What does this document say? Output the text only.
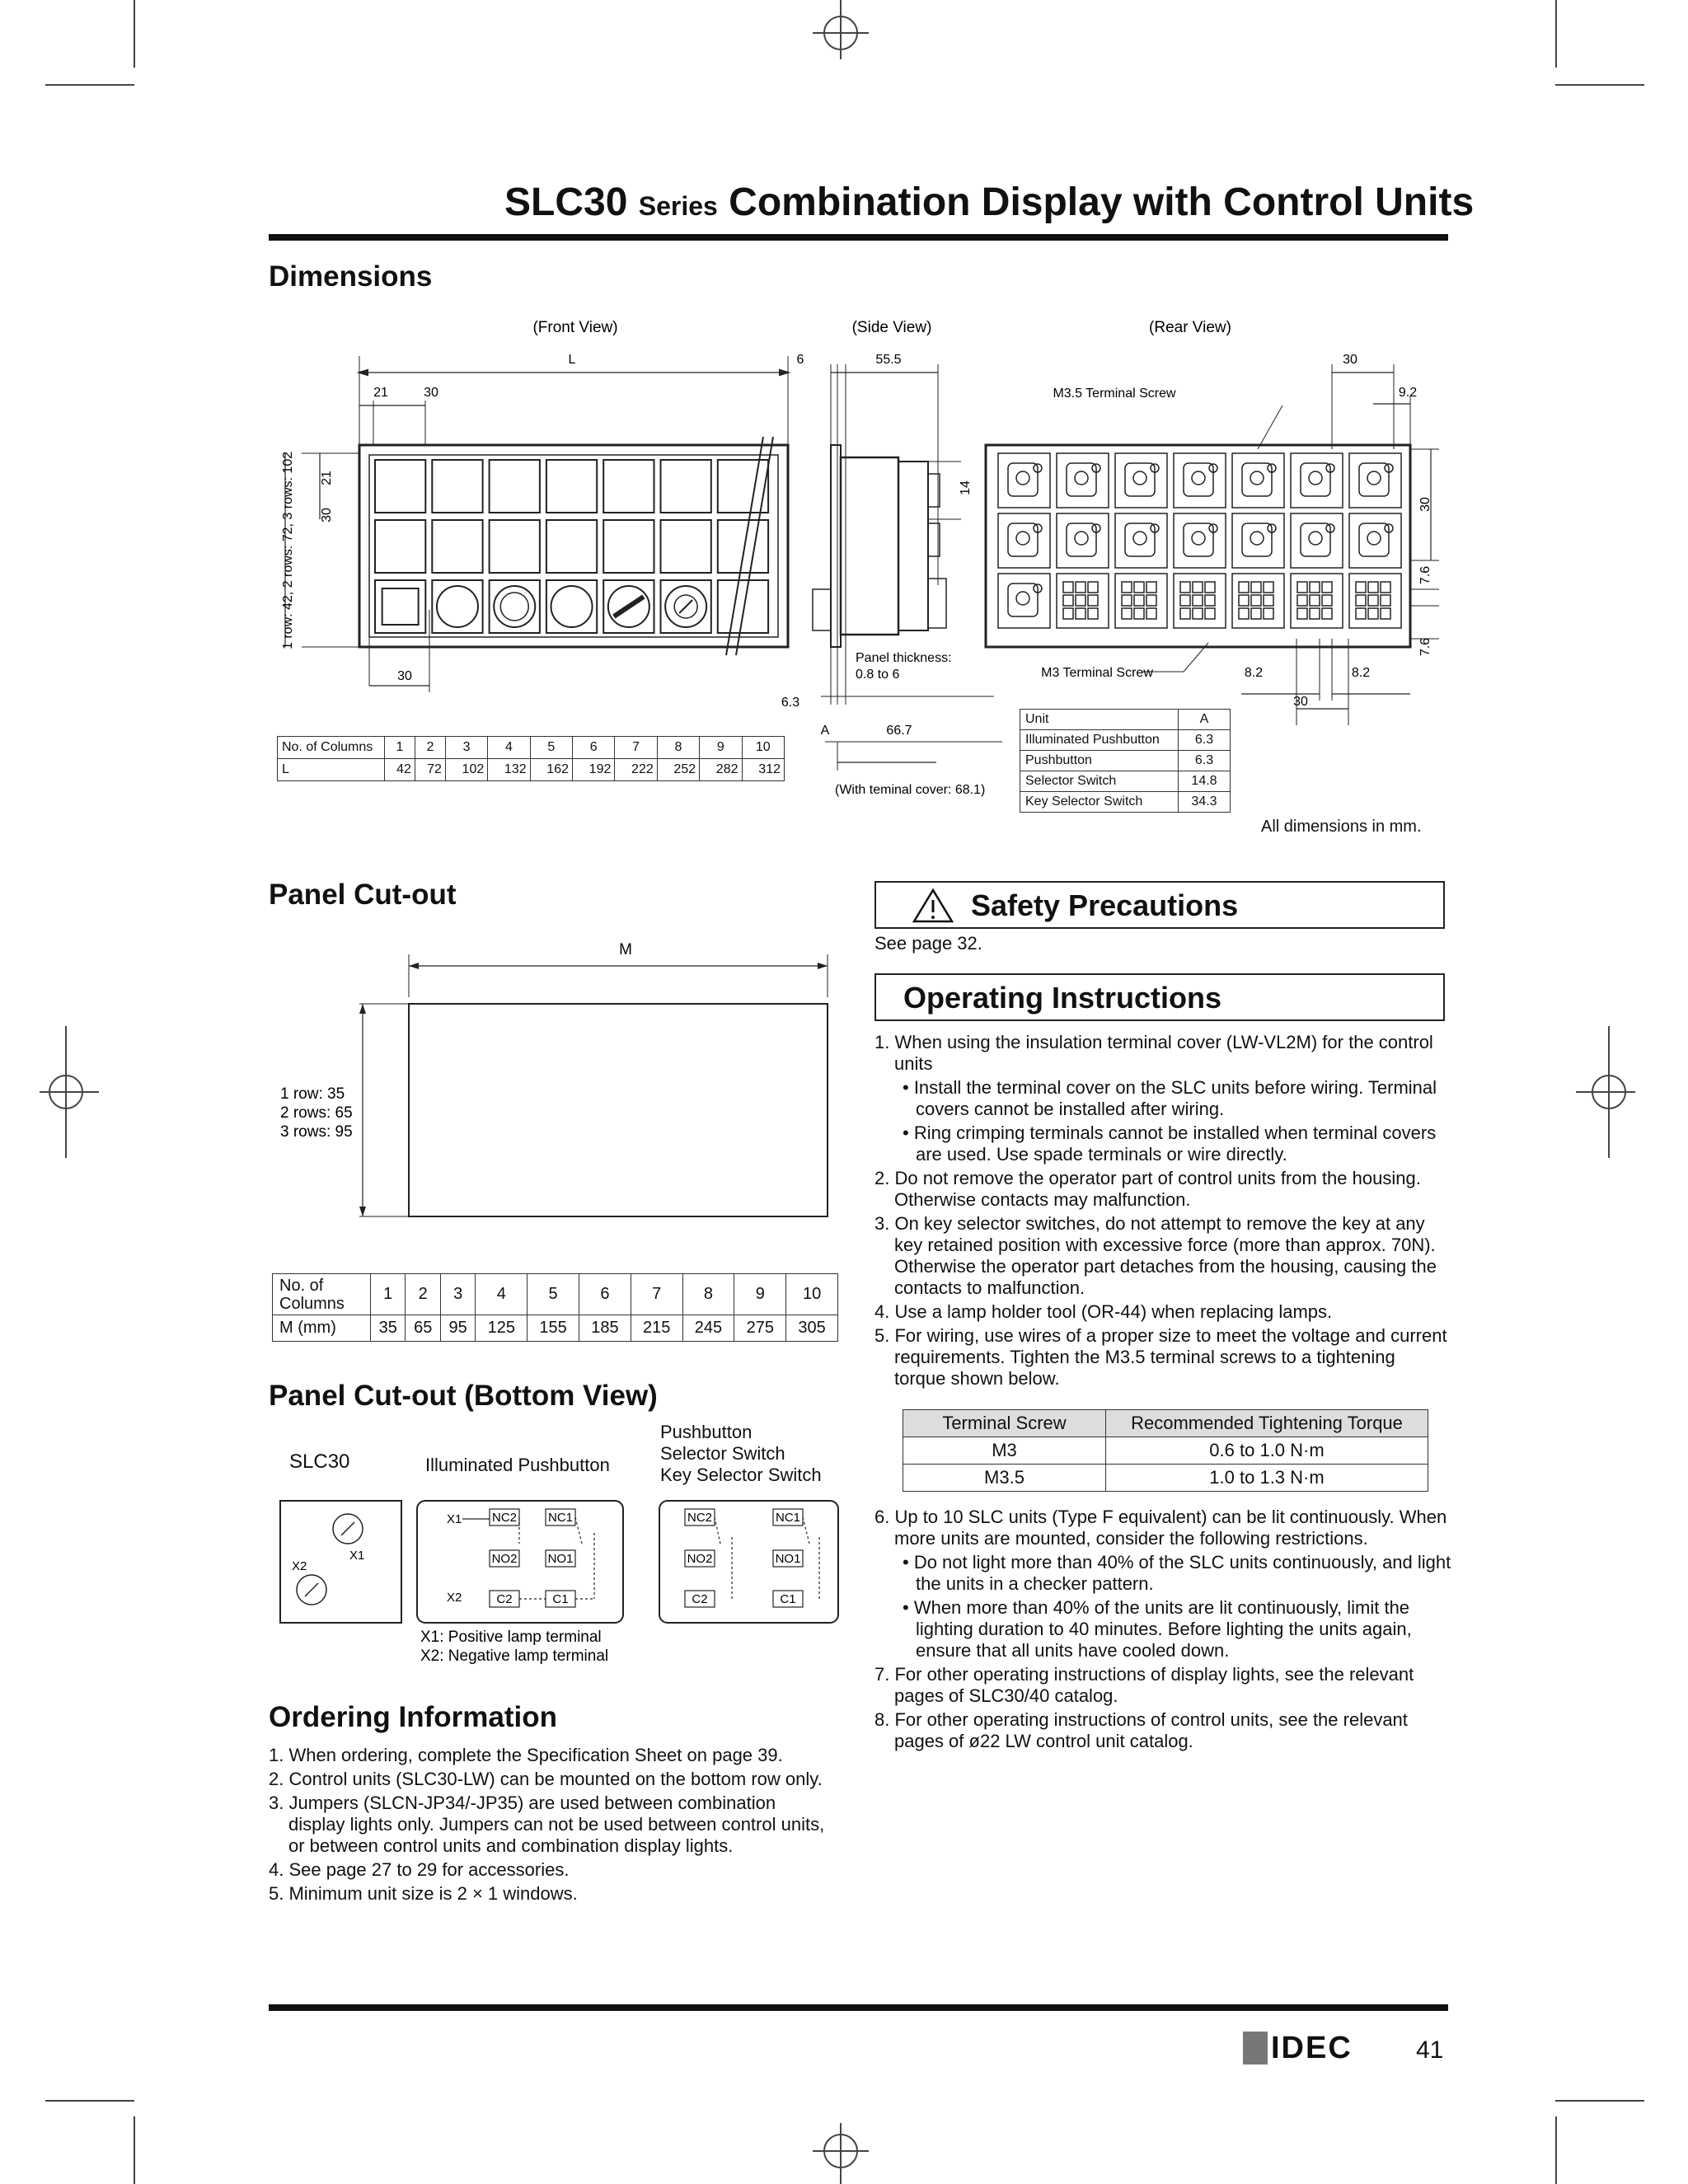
SLC30 Series Combination Display with Control Units
Dimensions
(Front View)	(Side View)	(Rear View)
L
21	30
30
1 row: 42, 2 rows: 72, 3 rows: 102 21
30
6	55.5
14
6.3
A	66.7
Panel thickness:
0.8 to 6
(With teminal cover: 68.1)
30
9.2
M3.5 Terminal Screw
M3 Terminal Screw
30
7.6
7.6
8.2	8.2
30
No. of Columns	1	2	3	4	5	6	7	8	9	10
L	42	72	102	132	162	192	222	252	282	312
Unit	A
Illuminated Pushbutton	6.3
Pushbutton	6.3
Selector Switch	14.8
Key Selector Switch	34.3
All dimensions in mm.
Panel Cut-out
M
1 row: 35
2 rows: 65
3 rows: 95
No. of Columns	1	2	3	4	5	6	7	8	9	10
M (mm)	35	65	95	125	155	185	215	245	275	305
Panel Cut-out (Bottom View)
SLC30	Illuminated Pushbutton
Pushbutton
Selector Switch
Key Selector Switch
X1
X2
X1
X2
NC2	NC1
NO2 NO1
C2	C1
NC2	NC1
NO2	NO1
C2	C1
X1: Positive lamp terminal
X2: Negative lamp terminal
Ordering Information
1. When ordering, complete the Specification Sheet on page 39.
2. Control units (SLC30-LW) can be mounted on the bottom row only.
3. Jumpers (SLCN-JP34/-JP35) are used between combination display lights only. Jumpers can not be used between control units, or between control units and combination display lights.
4. See page 27 to 29 for accessories.
5. Minimum unit size is 2 × 1 windows.
Safety Precautions
See page 32.
Operating Instructions
1. When using the insulation terminal cover (LW-VL2M) for the control units
• Install the terminal cover on the SLC units before wiring. Terminal covers cannot be installed after wiring.
• Ring crimping terminals cannot be installed when terminal covers are used. Use spade terminals or wire directly.
2. Do not remove the operator part of control units from the housing. Otherwise contacts may malfunction.
3. On key selector switches, do not attempt to remove the key at any key retained position with excessive force (more than approx. 70N). Otherwise the operator part detaches from the housing, causing the contacts to malfunction.
4. Use a lamp holder tool (OR-44) when replacing lamps.
5. For wiring, use wires of a proper size to meet the voltage and current requirements. Tighten the M3.5 terminal screws to a tightening torque shown below.
Terminal Screw	Recommended Tightening Torque
M3	0.6 to 1.0 N·m
M3.5	1.0 to 1.3 N·m
6. Up to 10 SLC units (Type F equivalent) can be lit continuously. When more units are mounted, consider the following restrictions.
• Do not light more than 40% of the SLC units continuously, and light the units in a checker pattern.
• When more than 40% of the units are lit continuously, limit the lighting duration to 40 minutes. Before lighting the units again, ensure that all units have cooled down.
7. For other operating instructions of display lights, see the relevant pages of SLC30/40 catalog.
8. For other operating instructions of control units, see the relevant pages of ø22 LW control unit catalog.
IDEC	41
